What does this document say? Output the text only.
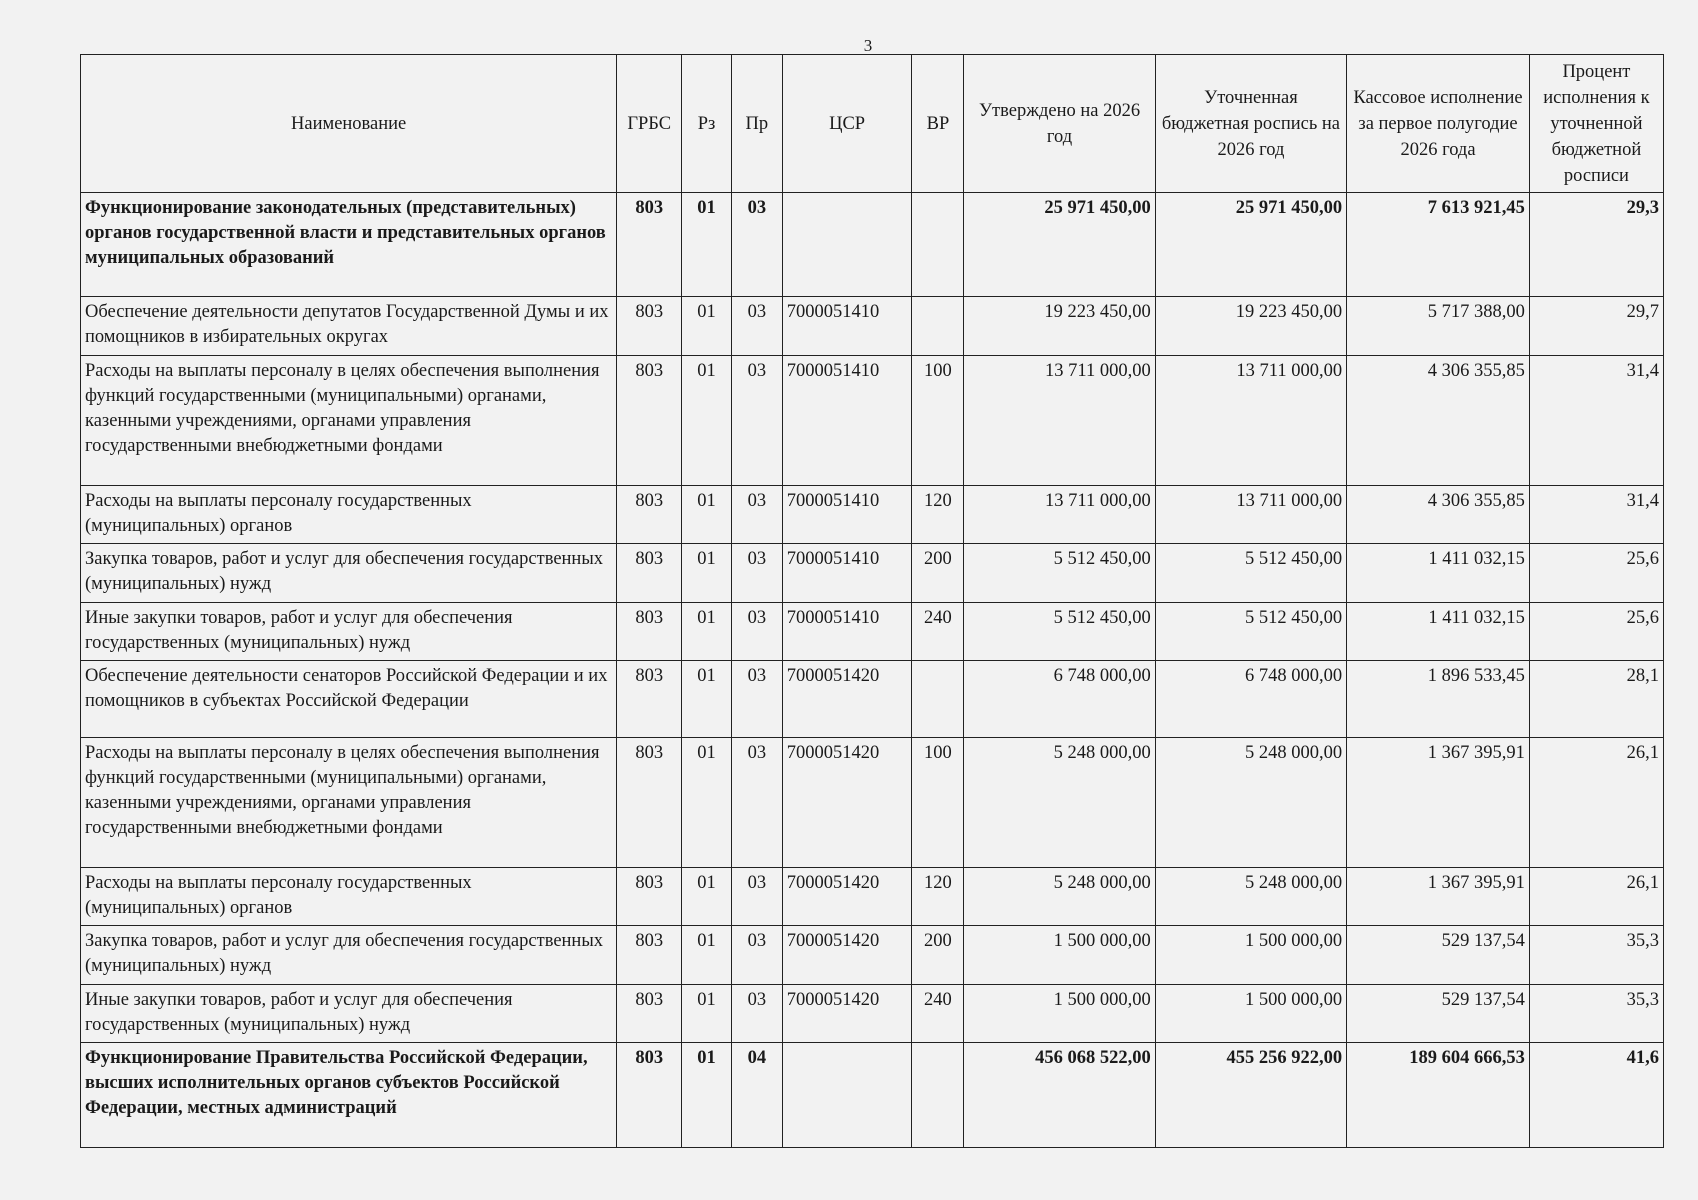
3
Наименование	ГРБС	Рз	Пр	ЦСР	ВР	Утверждено на 2026 год	Уточненная бюджетная роспись на 2026 год	Кассовое исполнение за первое полугодие 2026 года	Процент исполнения к уточненной бюджетной росписи
Функционирование законодательных (представительных) органов государственной власти и представительных органов муниципальных образований	803	01	03			25 971 450,00	25 971 450,00	7 613 921,45	29,3
Обеспечение деятельности депутатов Государственной Думы и их помощников в избирательных округах	803	01	03	7000051410		19 223 450,00	19 223 450,00	5 717 388,00	29,7
Расходы на выплаты персоналу в целях обеспечения выполнения функций государственными (муниципальными) органами, казенными учреждениями, органами управления государственными внебюджетными фондами	803	01	03	7000051410	100	13 711 000,00	13 711 000,00	4 306 355,85	31,4
Расходы на выплаты персоналу государственных (муниципальных) органов	803	01	03	7000051410	120	13 711 000,00	13 711 000,00	4 306 355,85	31,4
Закупка товаров, работ и услуг для обеспечения государственных (муниципальных) нужд	803	01	03	7000051410	200	5 512 450,00	5 512 450,00	1 411 032,15	25,6
Иные закупки товаров, работ и услуг для обеспечения государственных (муниципальных) нужд	803	01	03	7000051410	240	5 512 450,00	5 512 450,00	1 411 032,15	25,6
Обеспечение деятельности сенаторов Российской Федерации и их помощников в субъектах Российской Федерации	803	01	03	7000051420		6 748 000,00	6 748 000,00	1 896 533,45	28,1
Расходы на выплаты персоналу в целях обеспечения выполнения функций государственными (муниципальными) органами, казенными учреждениями, органами управления государственными внебюджетными фондами	803	01	03	7000051420	100	5 248 000,00	5 248 000,00	1 367 395,91	26,1
Расходы на выплаты персоналу государственных (муниципальных) органов	803	01	03	7000051420	120	5 248 000,00	5 248 000,00	1 367 395,91	26,1
Закупка товаров, работ и услуг для обеспечения государственных (муниципальных) нужд	803	01	03	7000051420	200	1 500 000,00	1 500 000,00	529 137,54	35,3
Иные закупки товаров, работ и услуг для обеспечения государственных (муниципальных) нужд	803	01	03	7000051420	240	1 500 000,00	1 500 000,00	529 137,54	35,3
Функционирование Правительства Российской Федерации, высших исполнительных органов субъектов Российской Федерации, местных администраций	803	01	04			456 068 522,00	455 256 922,00	189 604 666,53	41,6
